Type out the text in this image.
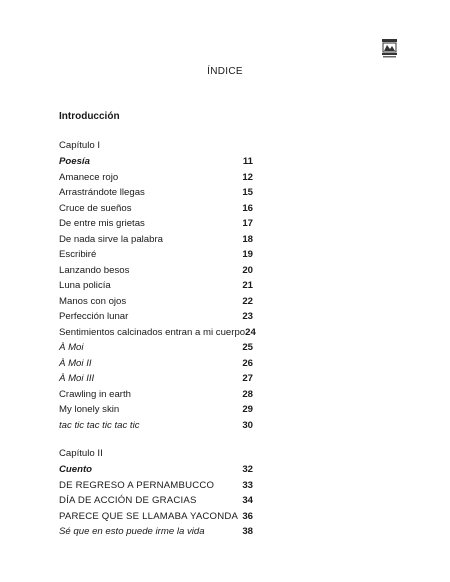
ÍNDICE
Introducción
Capítulo I
Poesía	11
Amanece rojo	12
Arrastrándote llegas	15
Cruce de sueños	16
De entre mis grietas	17
De nada sirve la palabra	18
Escribiré	19
Lanzando besos	20
Luna policía	21
Manos con ojos	22
Perfección lunar	23
Sentimientos calcinados entran a mi cuerpo 24
À Moi	25
À Moi II	26
À Moi III	27
Crawling in earth	28
My lonely skin	29
tac tic tac tic tac tic	30
Capítulo II
Cuento	32
DE REGRESO A PERNAMBUCCO	33
DÍA DE ACCIÓN DE GRACIAS	34
PARECE QUE SE LLAMABA YACONDA 36
Sé que en esto puede irme la vida	38
